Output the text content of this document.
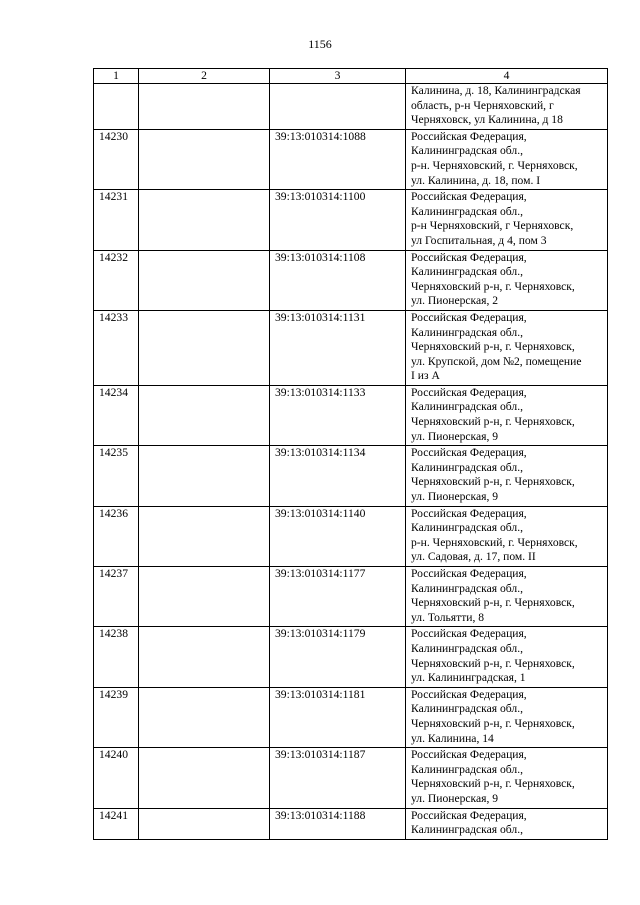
1156
1	2	3	4

			Калинина, д. 18, Калининградская
область, р-н Черняховский, г
Черняховск, ул Калинина, д 18

14230		39:13:010314:1088	Российская Федерация,
Калининградская обл.,
р-н. Черняховский, г. Черняховск,
ул. Калинина, д. 18, пом. I

14231		39:13:010314:1100	Российская Федерация,
Калининградская обл.,
р-н Черняховский, г Черняховск,
ул Госпитальная, д 4, пом 3

14232		39:13:010314:1108	Российская Федерация,
Калининградская обл.,
Черняховский р-н, г. Черняховск,
ул. Пионерская, 2

14233		39:13:010314:1131	Российская Федерация,
Калининградская обл.,
Черняховский р-н, г. Черняховск,
ул. Крупской, дом №2, помещение
I из А

14234		39:13:010314:1133	Российская Федерация,
Калининградская обл.,
Черняховский р-н, г. Черняховск,
ул. Пионерская, 9

14235		39:13:010314:1134	Российская Федерация,
Калининградская обл.,
Черняховский р-н, г. Черняховск,
ул. Пионерская, 9

14236		39:13:010314:1140	Российская Федерация,
Калининградская обл.,
р-н. Черняховский, г. Черняховск,
ул. Садовая, д. 17, пом. II

14237		39:13:010314:1177	Российская Федерация,
Калининградская обл.,
Черняховский р-н, г. Черняховск,
ул. Тольятти, 8

14238		39:13:010314:1179	Российская Федерация,
Калининградская обл.,
Черняховский р-н, г. Черняховск,
ул. Калининградская, 1

14239		39:13:010314:1181	Российская Федерация,
Калининградская обл.,
Черняховский р-н, г. Черняховск,
ул. Калинина, 14

14240		39:13:010314:1187	Российская Федерация,
Калининградская обл.,
Черняховский р-н, г. Черняховск,
ул. Пионерская, 9

14241		39:13:010314:1188	Российская Федерация,
Калининградская обл.,
